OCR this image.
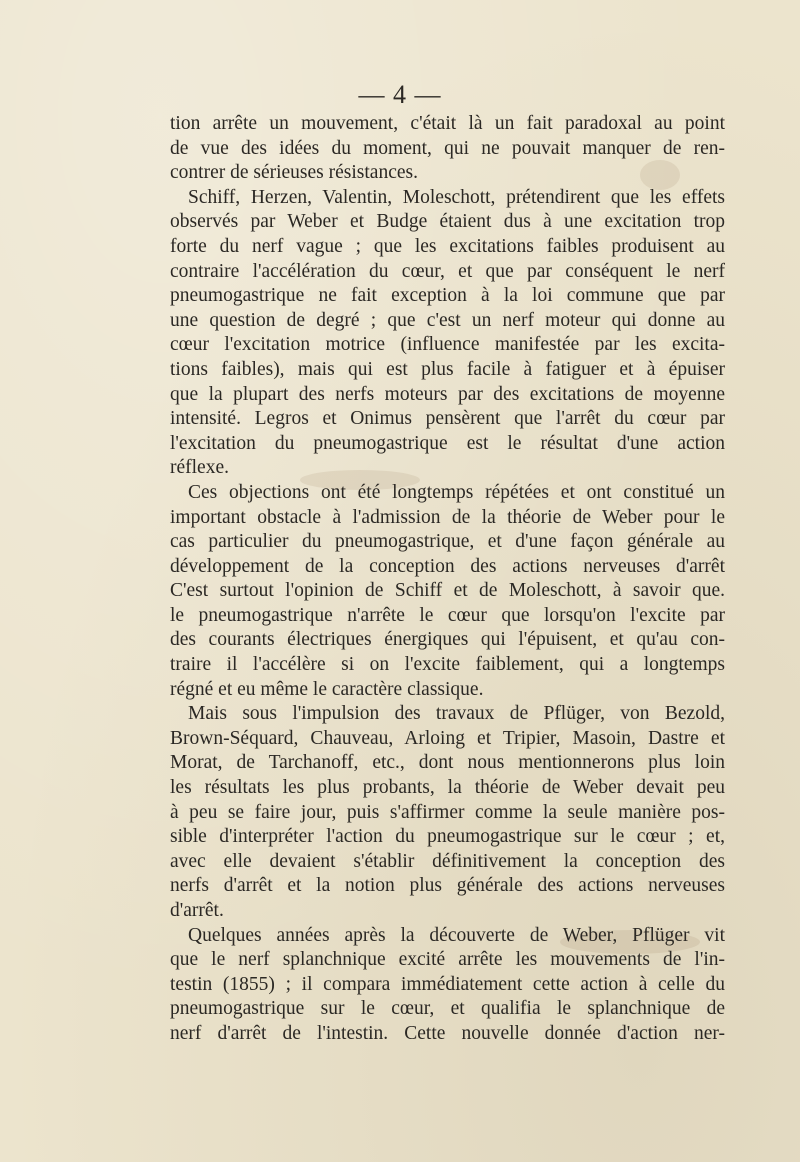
— 4 —
tion arrête un mouvement, c'était là un fait paradoxal au point
de vue des idées du moment, qui ne pouvait manquer de ren-
contrer de sérieuses résistances.
Schiff, Herzen, Valentin, Moleschott, prétendirent que les effets
observés par Weber et Budge étaient dus à une excitation trop
forte du nerf vague ; que les excitations faibles produisent au
contraire l'accélération du cœur, et que par conséquent le nerf
pneumogastrique ne fait exception à la loi commune que par
une question de degré ; que c'est un nerf moteur qui donne au
cœur l'excitation motrice (influence manifestée par les excita-
tions faibles), mais qui est plus facile à fatiguer et à épuiser
que la plupart des nerfs moteurs par des excitations de moyenne
intensité. Legros et Onimus pensèrent que l'arrêt du cœur par
l'excitation du pneumogastrique est le résultat d'une action
réflexe.
Ces objections ont été longtemps répétées et ont constitué un
important obstacle à l'admission de la théorie de Weber pour le
cas particulier du pneumogastrique, et d'une façon générale au
développement de la conception des actions nerveuses d'arrêt
C'est surtout l'opinion de Schiff et de Moleschott, à savoir que.
le pneumogastrique n'arrête le cœur que lorsqu'on l'excite par
des courants électriques énergiques qui l'épuisent, et qu'au con-
traire il l'accélère si on l'excite faiblement, qui a longtemps
régné et eu même le caractère classique.
Mais sous l'impulsion des travaux de Pflüger, von Bezold,
Brown-Séquard, Chauveau, Arloing et Tripier, Masoin, Dastre et
Morat, de Tarchanoff, etc., dont nous mentionnerons plus loin
les résultats les plus probants, la théorie de Weber devait peu
à peu se faire jour, puis s'affirmer comme la seule manière pos-
sible d'interpréter l'action du pneumogastrique sur le cœur ; et,
avec elle devaient s'établir définitivement la conception des
nerfs d'arrêt et la notion plus générale des actions nerveuses
d'arrêt.
Quelques années après la découverte de Weber, Pflüger vit
que le nerf splanchnique excité arrête les mouvements de l'in-
testin (1855) ; il compara immédiatement cette action à celle du
pneumogastrique sur le cœur, et qualifia le splanchnique de
nerf d'arrêt de l'intestin. Cette nouvelle donnée d'action ner-
